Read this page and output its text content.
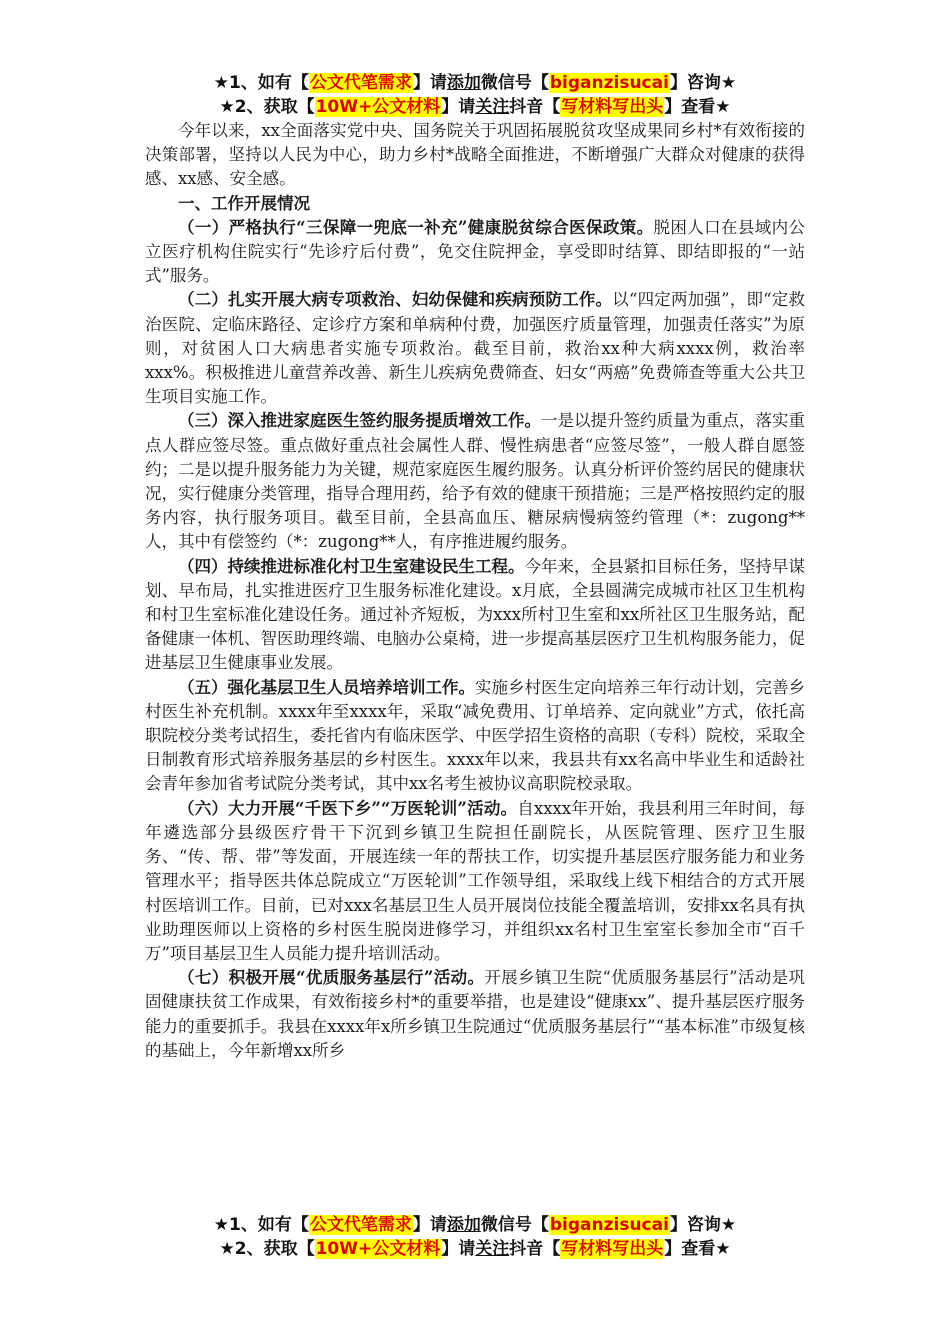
★1、如有【公文代笔需求】请添加微信号【biganzisucai】咨询★
★2、获取【10W+公文材料】请关注抖音【写材料写出头】查看★

今年以来，xx全面落实党中央、国务院关于巩固拓展脱贫攻坚成果同乡村*有效衔接的决策部署，坚持以人民为中心，助力乡村*战略全面推进，不断增强广大群众对健康的获得感、xx感、安全感。

一、工作开展情况

（一）严格执行“三保障一兜底一补充”健康脱贫综合医保政策。脱困人口在县域内公立医疗机构住院实行“先诊疗后付费”，免交住院押金，享受即时结算、即结即报的“一站式”服务。

（二）扎实开展大病专项救治、妇幼保健和疾病预防工作。以“四定两加强”，即“定救治医院、定临床路径、定诊疗方案和单病种付费，加强医疗质量管理，加强责任落实”为原则，对贫困人口大病患者实施专项救治。截至目前，救治xx种大病xxxx例，救治率xxx%。积极推进儿童营养改善、新生儿疾病免费筛查、妇女“两癌”免费筛查等重大公共卫生项目实施工作。

（三）深入推进家庭医生签约服务提质增效工作。一是以提升签约质量为重点，落实重点人群应签尽签。重点做好重点社会属性人群、慢性病患者“应签尽签”，一般人群自愿签约；二是以提升服务能力为关键，规范家庭医生履约服务。认真分析评价签约居民的健康状况，实行健康分类管理，指导合理用药，给予有效的健康干预措施；三是严格按照约定的服务内容，执行服务项目。截至目前，全县高血压、糖尿病慢病签约管理（*：zugong**人，其中有偿签约（*：zugong**人，有序推进履约服务。

（四）持续推进标准化村卫生室建设民生工程。今年来，全县紧扣目标任务，坚持早谋划、早布局，扎实推进医疗卫生服务标准化建设。x月底，全县圆满完成城市社区卫生机构和村卫生室标准化建设任务。通过补齐短板，为xxx所村卫生室和xx所社区卫生服务站，配备健康一体机、智医助理终端、电脑办公桌椅，进一步提高基层医疗卫生机构服务能力，促进基层卫生健康事业发展。

（五）强化基层卫生人员培养培训工作。实施乡村医生定向培养三年行动计划，完善乡村医生补充机制。xxxx年至xxxx年，采取“减免费用、订单培养、定向就业”方式，依托高职院校分类考试招生，委托省内有临床医学、中医学招生资格的高职（专科）院校，采取全日制教育形式培养服务基层的乡村医生。xxxx年以来，我县共有xx名高中毕业生和适龄社会青年参加省考试院分类考试，其中xx名考生被协议高职院校录取。

（六）大力开展“千医下乡”“万医轮训”活动。自xxxx年开始，我县利用三年时间，每年遴选部分县级医疗骨干下沉到乡镇卫生院担任副院长，从医院管理、医疗卫生服务、“传、帮、带”等发面，开展连续一年的帮扶工作，切实提升基层医疗服务能力和业务管理水平；指导医共体总院成立“万医轮训”工作领导组，采取线上线下相结合的方式开展村医培训工作。目前，已对xxx名基层卫生人员开展岗位技能全覆盖培训，安排xx名具有执业助理医师以上资格的乡村医生脱岗进修学习，并组织xx名村卫生室室长参加全市“百千万”项目基层卫生人员能力提升培训活动。

（七）积极开展“优质服务基层行”活动。开展乡镇卫生院“优质服务基层行”活动是巩固健康扶贫工作成果，有效衔接乡村*的重要举措，也是建设“健康xx”、提升基层医疗服务能力的重要抓手。我县在xxxx年x所乡镇卫生院通过“优质服务基层行”“基本标准”市级复核的基础上，今年新增xx所乡

★1、如有【公文代笔需求】请添加微信号【biganzisucai】咨询★
★2、获取【10W+公文材料】请关注抖音【写材料写出头】查看★
